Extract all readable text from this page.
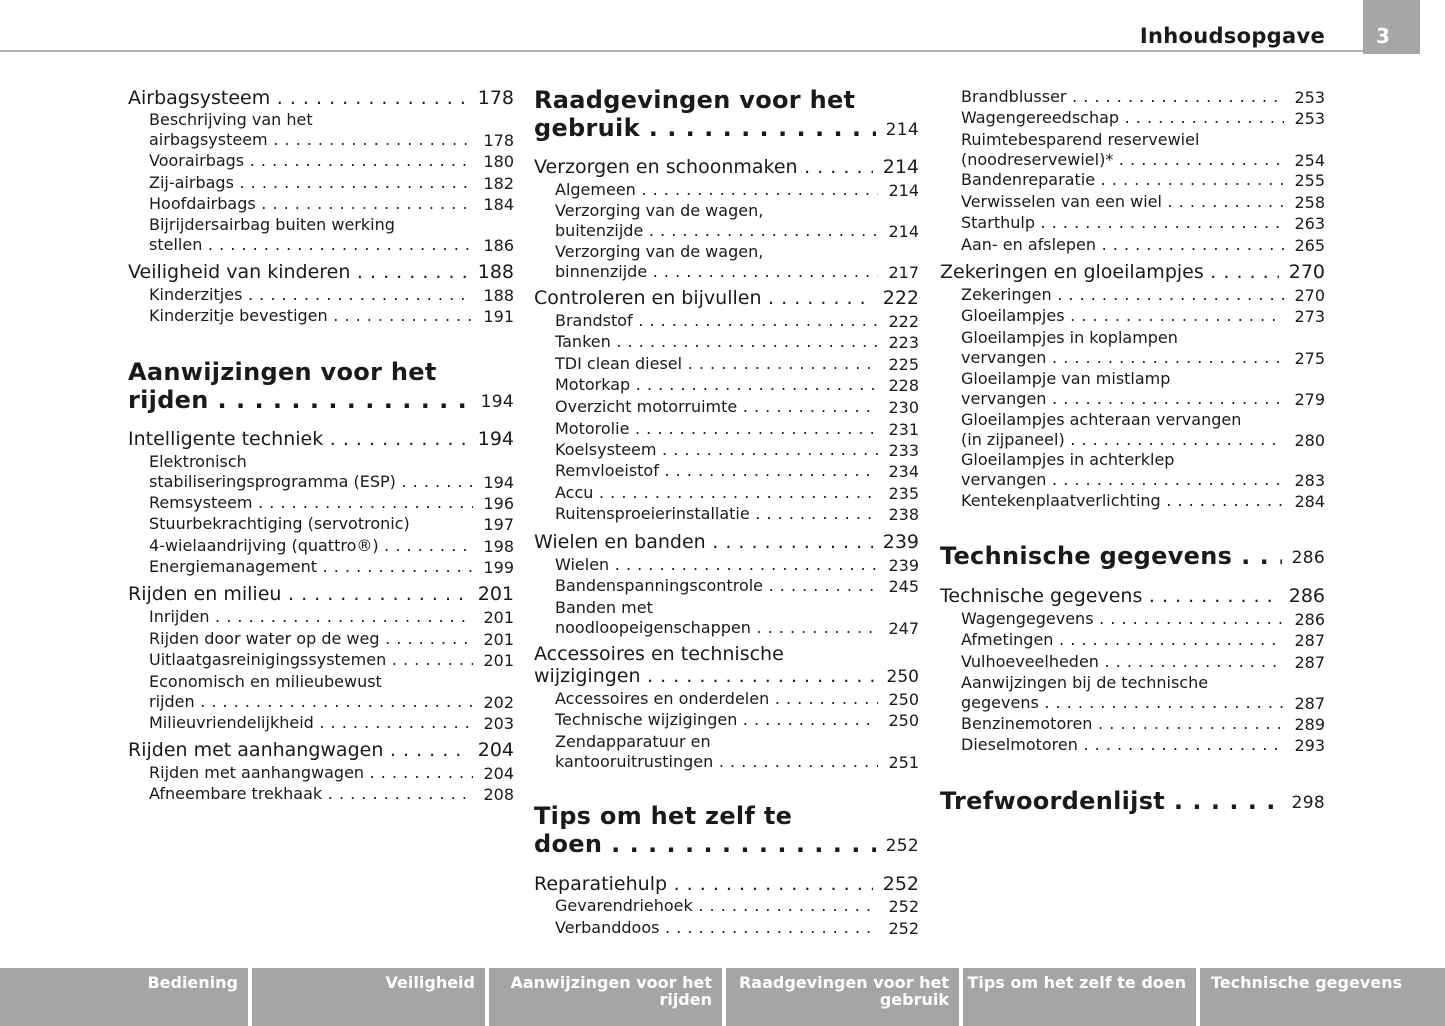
Inhoudsopgave	3
Airbagsysteem . . .	178
Beschrijving van het
airbagsysteem . . .	178
Voorairbags . . .	180
Zij-airbags . . .	182
Hoofdairbags . . .	184
Bijrijdersairbag buiten werking
stellen . . .	186
Veiligheid van kinderen . . .	188
Kinderzitjes . . .	188
Kinderzitje bevestigen . . .	191
Aanwijzingen voor het
rijden . . .	194
Intelligente techniek . . .	194
Elektronisch
stabiliseringsprogramma (ESP) . . .	194
Remsysteem . . .	196
Stuurbekrachtiging (servotronic)	197
4-wielaandrijving (quattro®) . . .	198
Energiemanagement . . .	199
Rijden en milieu . . .	201
Inrijden . . .	201
Rijden door water op de weg . . .	201
Uitlaatgasreinigingssystemen . . .	201
Economisch en milieubewust
rijden . . .	202
Milieuvriendelijkheid . . .	203
Rijden met aanhangwagen . . .	204
Rijden met aanhangwagen . . .	204
Afneembare trekhaak . . .	208
Raadgevingen voor het
gebruik . . .	214
Verzorgen en schoonmaken . . .	214
Algemeen . . .	214
Verzorging van de wagen,
buitenzijde . . .	214
Verzorging van de wagen,
binnenzijde . . .	217
Controleren en bijvullen . . .	222
Brandstof . . .	222
Tanken . . .	223
TDI clean diesel . . .	225
Motorkap . . .	228
Overzicht motorruimte . . .	230
Motorolie . . .	231
Koelsysteem . . .	233
Remvloeistof . . .	234
Accu . . .	235
Ruitensproeierinstallatie . . .	238
Wielen en banden . . .	239
Wielen . . .	239
Bandenspanningscontrole . . .	245
Banden met
noodloopeigenschappen . . .	247
Accessoires en technische
wijzigingen . . .	250
Accessoires en onderdelen . . .	250
Technische wijzigingen . . .	250
Zendapparatuur en
kantooruitrustingen . . .	251
Tips om het zelf te
doen . . .	252
Reparatiehulp . . .	252
Gevarendriehoek . . .	252
Verbanddoos . . .	252
Brandblusser . . .	253
Wagengereedschap . . .	253
Ruimtebesparend reservewiel
(noodreservewiel)* . . .	254
Bandenreparatie . . .	255
Verwisselen van een wiel . . .	258
Starthulp . . .	263
Aan- en afslepen . . .	265
Zekeringen en gloeilampjes . . .	270
Zekeringen . . .	270
Gloeilampjes . . .	273
Gloeilampjes in koplampen
vervangen . . .	275
Gloeilampje van mistlamp
vervangen . . .	279
Gloeilampjes achteraan vervangen
(in zijpaneel) . . .	280
Gloeilampjes in achterklep
vervangen . . .	283
Kentekenplaatverlichting . . .	284
Technische gegevens . . .	286
Technische gegevens . . .	286
Wagengegevens . . .	286
Afmetingen . . .	287
Vulhoeveelheden . . .	287
Aanwijzingen bij de technische
gegevens . . .	287
Benzinemotoren . . .	289
Dieselmotoren . . .	293
Trefwoordenlijst . . .	298
Bediening	Veiligheid	Aanwijzingen voor het rijden
Raadgevingen voor het gebruik
Tips om het zelf te doen	Technische gegevens
